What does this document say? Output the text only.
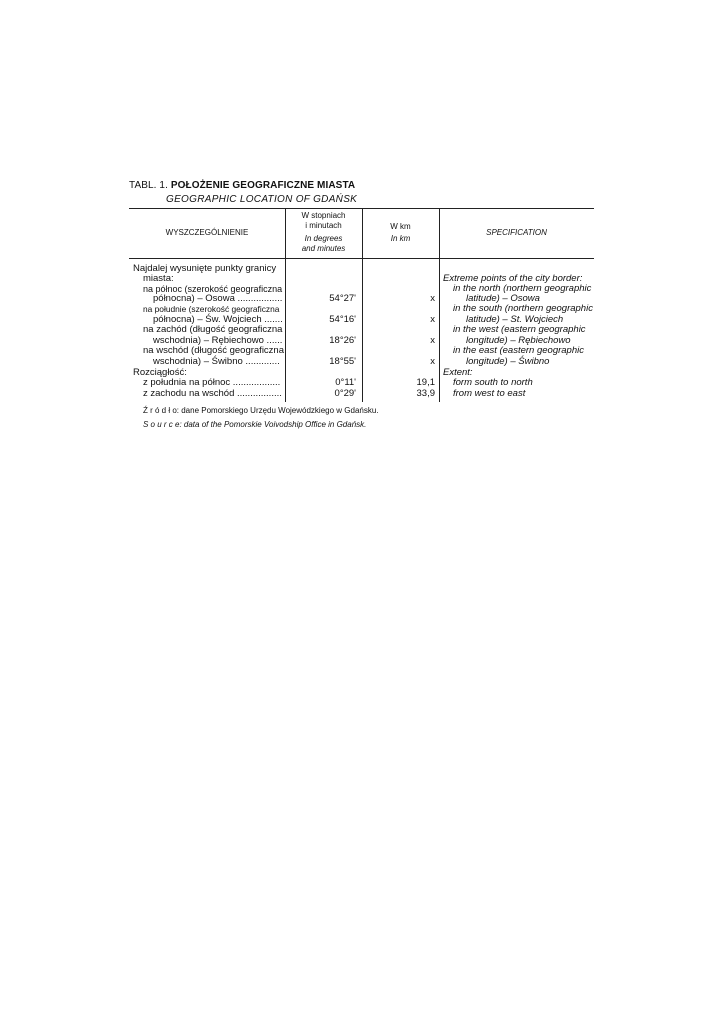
TABL. 1. POŁOŻENIE GEOGRAFICZNE MIASTA
GEOGRAPHIC LOCATION OF GDAŃSK
WYSZCZEGÓLNIENIE
W stopniach
i minutach
In degrees
and minutes
W km
In km
SPECIFICATION
Najdalej wysunięte punkty granicy
miasta:
na północ (szerokość geograficzna
północna) – Osowa .................
na południe (szerokość geograficzna
północna) – Św. Wojciech .......
na zachód (długość geograficzna
wschodnia) – Rębiechowo ......
na wschód (długość geograficzna
wschodnia) – Świbno .............
Rozciągłość:
z południa na północ ..................
z zachodu na wschód .................
54°27'
54°16'
18°26'
18°55'
0°11'
0°29'
x
x
x
x
19,1
33,9
Extreme points of the city border:
in the north (northern geographic
latitude) – Osowa
in the south (northern geographic
latitude) – St. Wojciech
in the west (eastern geographic
longitude) – Rębiechowo
in the east (eastern geographic
longitude) – Świbno
Extent:
form south to north
from west to east
Ź r ó d ł o: dane Pomorskiego Urzędu Wojewódzkiego w Gdańsku.
S o u r c e: data of the Pomorskie Voivodship Office in Gdańsk.
